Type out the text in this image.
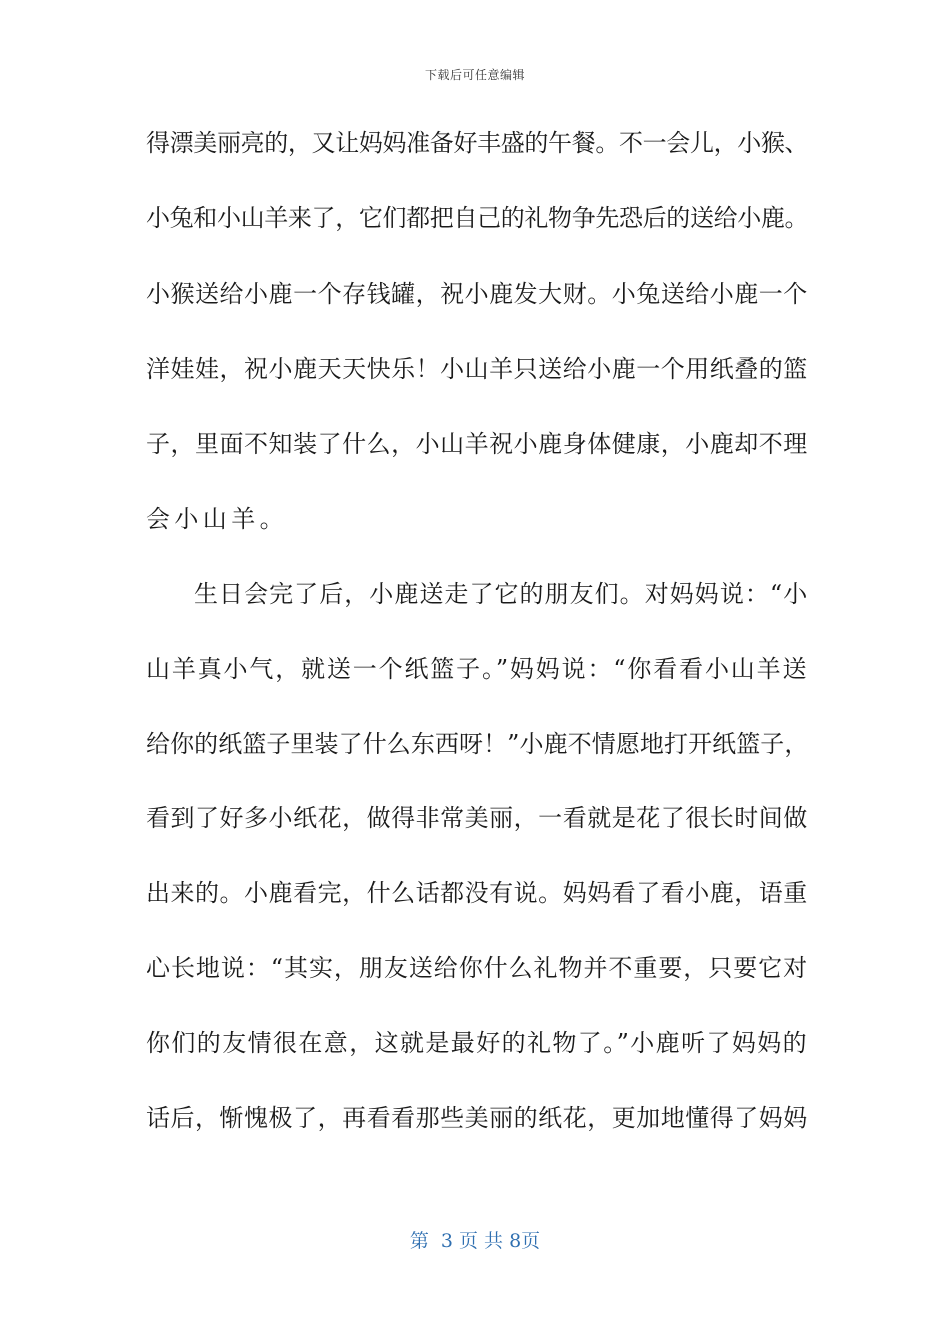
下载后可任意编辑
得漂美丽亮的，又让妈妈准备好丰盛的午餐。不一会儿，小猴、
小兔和小山羊来了，它们都把自己的礼物争先恐后的送给小鹿。
小猴送给小鹿一个存钱罐，祝小鹿发大财。小兔送给小鹿一个
洋娃娃，祝小鹿天天快乐！小山羊只送给小鹿一个用纸叠的篮
子，里面不知装了什么，小山羊祝小鹿身体健康，小鹿却不理
会小山羊。
生日会完了后，小鹿送走了它的朋友们。对妈妈说：“小
山羊真小气，就送一个纸篮子。”妈妈说：“你看看小山羊送
给你的纸篮子里装了什么东西呀！”小鹿不情愿地打开纸篮子，
看到了好多小纸花，做得非常美丽，一看就是花了很长时间做
出来的。小鹿看完，什么话都没有说。妈妈看了看小鹿，语重
心长地说：“其实，朋友送给你什么礼物并不重要，只要它对
你们的友情很在意，这就是最好的礼物了。”小鹿听了妈妈的
话后，惭愧极了，再看看那些美丽的纸花，更加地懂得了妈妈
第  3 页 共 8页
